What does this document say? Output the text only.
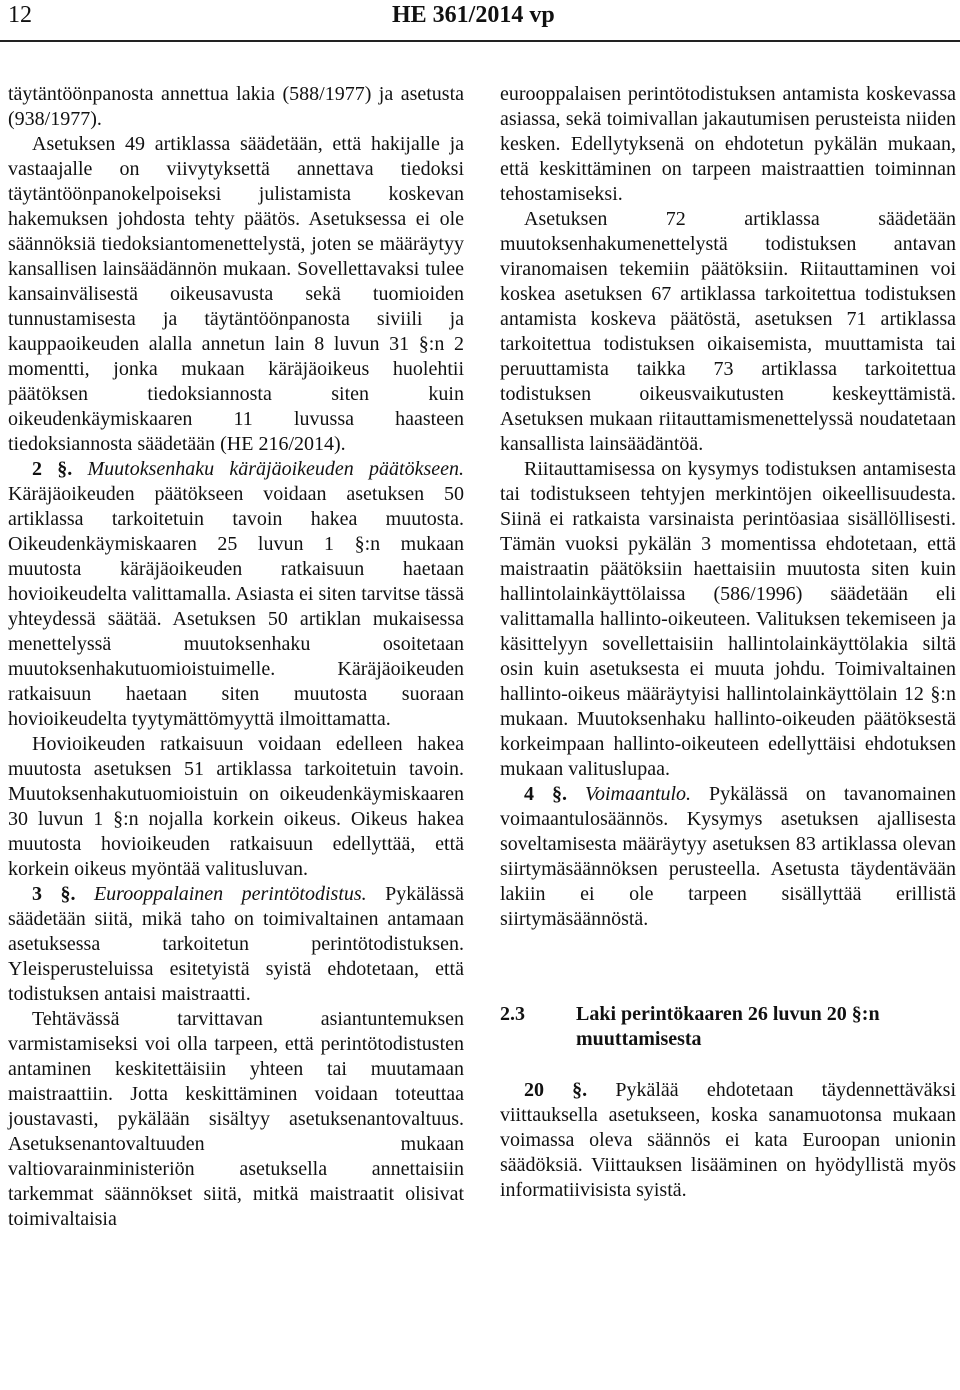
12	HE 361/2014 vp

täytäntöönpanosta annettua lakia (588/1977) ja asetusta (938/1977).

Asetuksen 49 artiklassa säädetään, että hakijalle ja vastaajalle on viivytyksettä annettava tiedoksi täytäntöönpanokelpoiseksi julistamista koskevan hakemuksen johdosta tehty päätös. Asetuksessa ei ole säännöksiä tiedoksiantomenettelystä, joten se määräytyy kansallisen lainsäädännön mukaan. Sovellettavaksi tulee kansainvälisestä oikeusavusta sekä tuomioiden tunnustamisesta ja täytäntöönpanosta siviili ja kauppaoikeuden alalla annetun lain 8 luvun 31 §:n 2 momentti, jonka mukaan käräjäoikeus huolehtii päätöksen tiedoksiannosta siten kuin oikeudenkäymiskaaren 11 luvussa haasteen tiedoksiannosta säädetään (HE 216/2014).

2 §. Muutoksenhaku käräjäoikeuden päätökseen. Käräjäoikeuden päätökseen voidaan asetuksen 50 artiklassa tarkoitetuin tavoin hakea muutosta. Oikeudenkäymiskaaren 25 luvun 1 §:n mukaan muutosta käräjäoikeuden ratkaisuun haetaan hovioikeudelta valittamalla. Asiasta ei siten tarvitse tässä yhteydessä säätää. Asetuksen 50 artiklan mukaisessa menettelyssä muutoksenhaku osoitetaan muutoksenhakutuomioistuimelle. Käräjäoikeuden ratkaisuun haetaan siten muutosta suoraan hovioikeudelta tyytymättömyyttä ilmoittamatta.

Hovioikeuden ratkaisuun voidaan edelleen hakea muutosta asetuksen 51 artiklassa tarkoitetuin tavoin. Muutoksenhakutuomioistuin on oikeudenkäymiskaaren 30 luvun 1 §:n nojalla korkein oikeus. Oikeus hakea muutosta hovioikeuden ratkaisuun edellyttää, että korkein oikeus myöntää valitusluvan.

3 §. Eurooppalainen perintötodistus. Pykälässä säädetään siitä, mikä taho on toimivaltainen antamaan asetuksessa tarkoitetun perintötodistuksen. Yleisperusteluissa esitetyistä syistä ehdotetaan, että todistuksen antaisi maistraatti.

Tehtävässä tarvittavan asiantuntemuksen varmistamiseksi voi olla tarpeen, että perintötodistusten antaminen keskitettäisiin yhteen tai muutamaan maistraattiin. Jotta keskittäminen voidaan toteuttaa joustavasti, pykälään sisältyy asetuksenantovaltuus. Asetuksenantovaltuuden mukaan valtiovarainministeriön asetuksella annettaisiin tarkemmat säännökset siitä, mitkä maistraatit olisivat toimivaltaisia

eurooppalaisen perintötodistuksen antamista koskevassa asiassa, sekä toimivallan jakautumisen perusteista niiden kesken. Edellytyksenä on ehdotetun pykälän mukaan, että keskittäminen on tarpeen maistraattien toiminnan tehostamiseksi.

Asetuksen 72 artiklassa säädetään muutoksenhakumenettelystä todistuksen antavan viranomaisen tekemiin päätöksiin. Riitauttaminen voi koskea asetuksen 67 artiklassa tarkoitettua todistuksen antamista koskeva päätöstä, asetuksen 71 artiklassa tarkoitettua todistuksen oikaisemista, muuttamista tai peruuttamista taikka 73 artiklassa tarkoitettua todistuksen oikeusvaikutusten keskeyttämistä. Asetuksen mukaan riitauttamismenettelyssä noudatetaan kansallista lainsäädäntöä.

Riitauttamisessa on kysymys todistuksen antamisesta tai todistukseen tehtyjen merkintöjen oikeellisuudesta. Siinä ei ratkaista varsinaista perintöasiaa sisällöllisesti. Tämän vuoksi pykälän 3 momentissa ehdotetaan, että maistraatin päätöksiin haettaisiin muutosta siten kuin hallintolainkäyttölaissa (586/1996) säädetään eli valittamalla hallinto-oikeuteen. Valituksen tekemiseen ja käsittelyyn sovellettaisiin hallintolainkäyttölakia siltä osin kuin asetuksesta ei muuta johdu. Toimivaltainen hallinto-oikeus määräytyisi hallintolainkäyttölain 12 §:n mukaan. Muutoksenhaku hallinto-oikeuden päätöksestä korkeimpaan hallinto-oikeuteen edellyttäisi ehdotuksen mukaan valituslupaa.

4 §. Voimaantulo. Pykälässä on tavanomainen voimaantulosäännös. Kysymys asetuksen ajallisesta soveltamisesta määräytyy asetuksen 83 artiklassa olevan siirtymäsäännöksen perusteella. Asetusta täydentävään lakiin ei ole tarpeen sisällyttää erillistä siirtymäsäännöstä.

2.3	Laki perintökaaren 26 luvun 20 §:n muuttamisesta

20 §. Pykälää ehdotetaan täydennettäväksi viittauksella asetukseen, koska sanamuotonsa mukaan voimassa oleva säännös ei kata Euroopan unionin säädöksiä. Viittauksen lisääminen on hyödyllistä myös informatiivisista syistä.
